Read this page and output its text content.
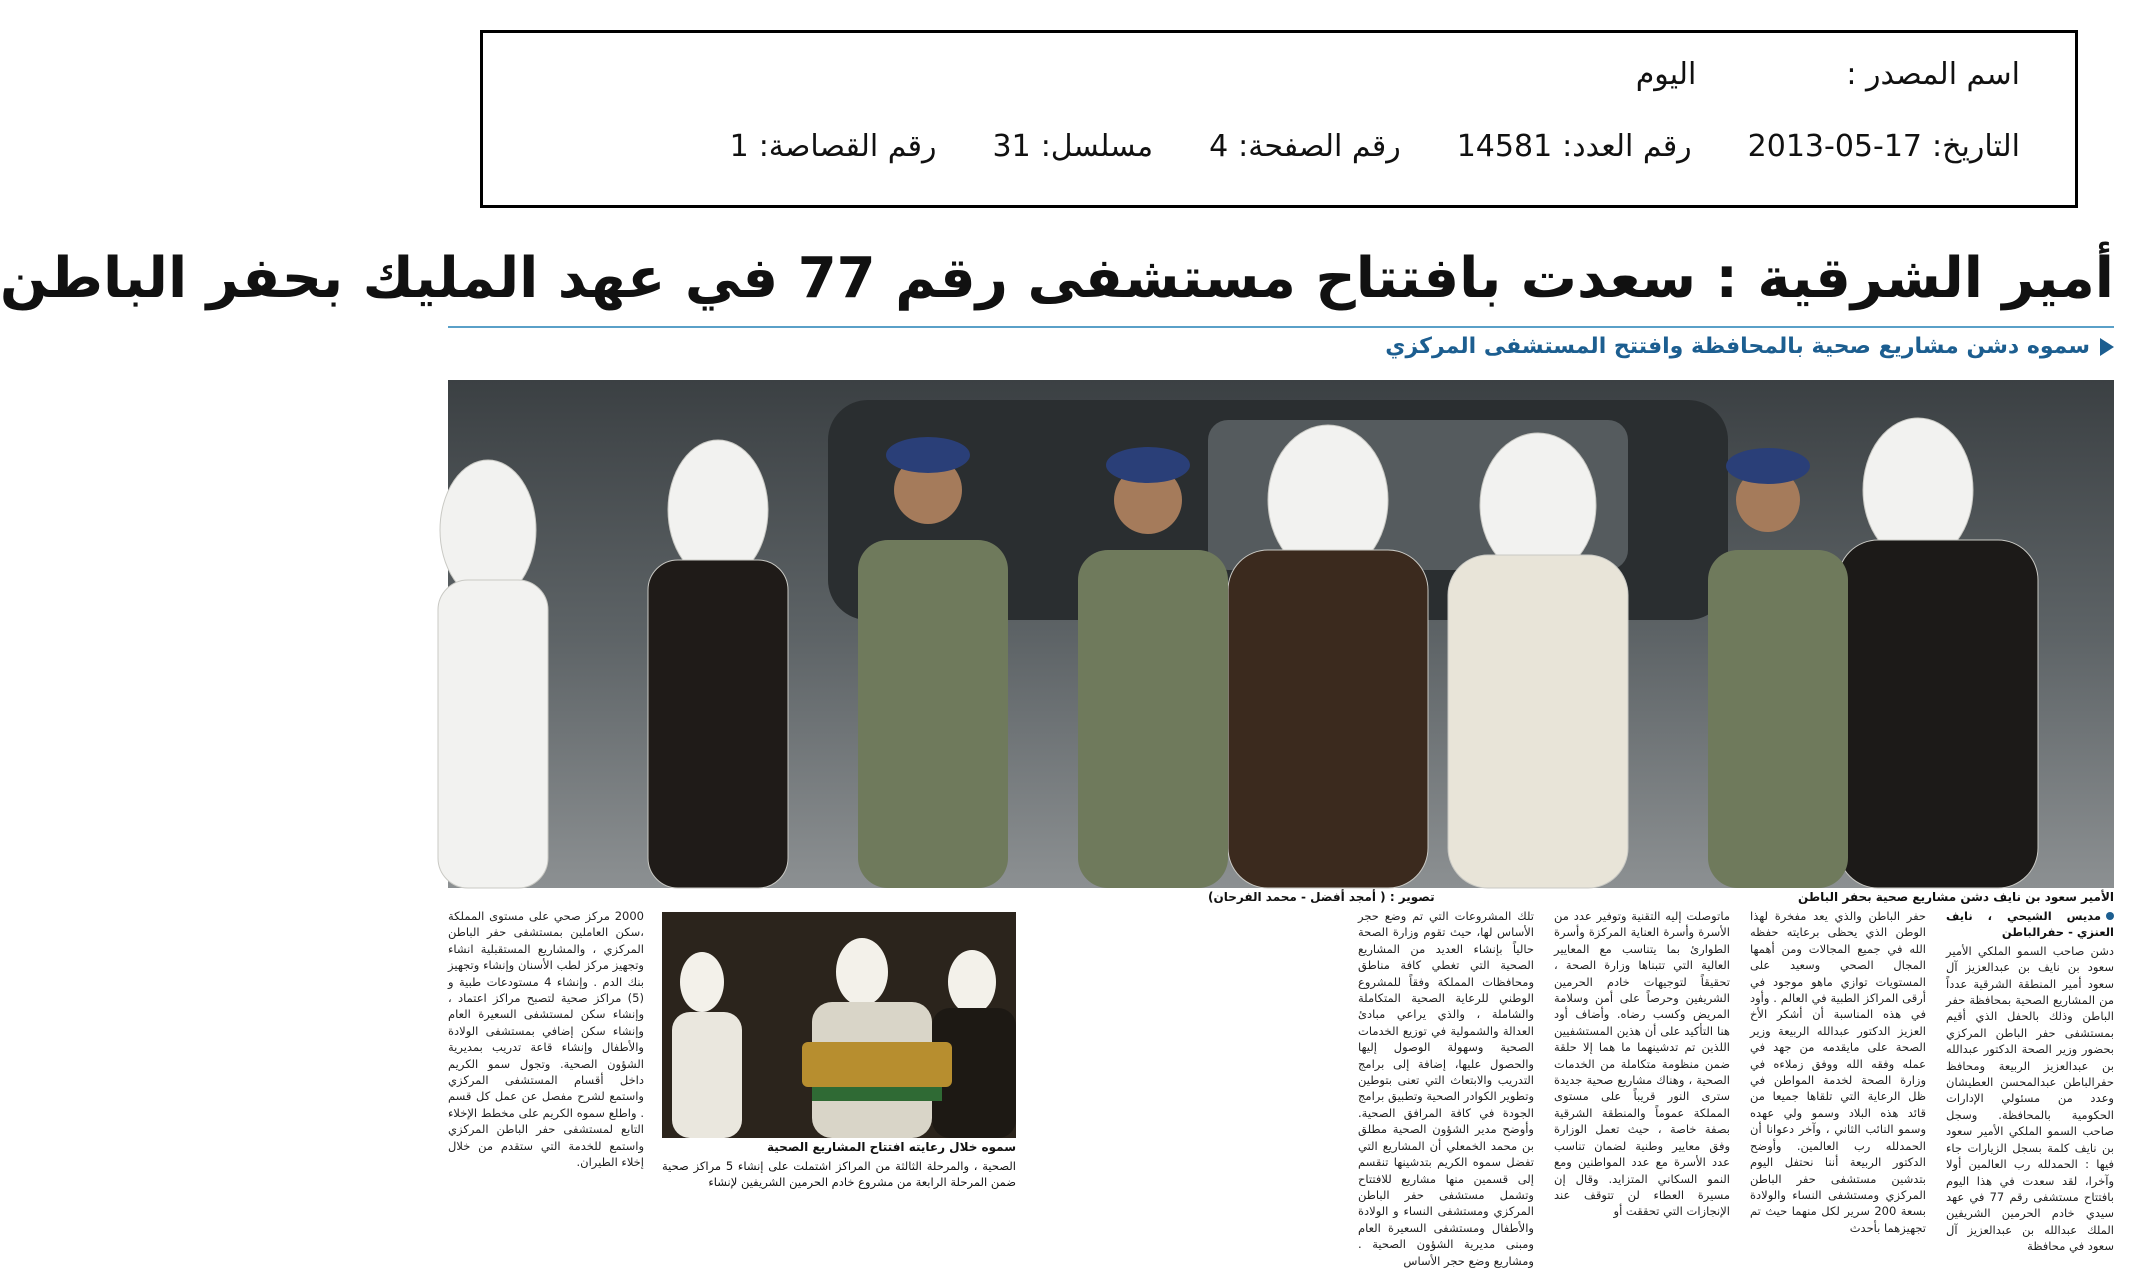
اسم المصدر :
اليوم
التاريخ:
2013-05-17
رقم العدد:
14581
رقم الصفحة:
4
مسلسل:
31
رقم القصاصة:
1
أمير الشرقية : سعدت بافتتاح مستشفى رقم 77 في عهد المليك بحفر الباطن
سموه دشن مشاريع صحية بالمحافظة وافتتح المستشفى المركزي
الأمير سعود بن نايف دشن مشاريع صحية بحفر الباطن
تصوير : ( أمجد أفضل - محمد الفرحان)

مديس الشيحي ، نايف العنزي - حفرالباطن

دشن صاحب السمو الملكي الأمير سعود بن نايف بن عبدالعزيز آل سعود أمير المنطقة الشرقية عدداً من المشاريع الصحية بمحافظة حفر الباطن وذلك بالحفل الذي أقيم بمستشفى حفر الباطن المركزي بحضور وزير الصحة الدكتور عبدالله بن عبدالعزيز الربيعة ومحافظ حفرالباطن عبدالمحسن العطيشان وعدد من مسئولي الإدارات الحكومية بالمحافظة. وسجل صاحب السمو الملكي الأمير سعود بن نايف كلمة بسجل الزيارات جاء فيها : الحمدلله رب العالمين أولا وآخرا، لقد سعدت في هذا اليوم بافتتاح مستشفى رقم 77 في عهد سيدي خادم الحرمين الشريفين الملك عبدالله بن عبدالعزيز آل سعود في محافظة

حفر الباطن والذي يعد مفخرة لهذا الوطن الذي يحظى برعايته حفظه الله في جميع المجالات ومن أهمها المجال الصحي وسعيد على المستويات توازي ماهو موجود في أرقى المراكز الطبية في العالم . وأود في هذه المناسبة أن أشكر الأخ العزيز الدكتور عبدالله الربيعة وزير الصحة على مايقدمه من جهد في عمله وفقه الله ووفق زملاءه في وزارة الصحة لخدمة المواطن في ظل الرعاية التي تلقاها جميعا من قائد هذه البلاد وسمو ولي عهده وسمو النائب الثاني ، وآخر دعوانا أن الحمدلله رب العالمين. وأوضح الدكتور الربيعة أننا نحتفل اليوم بتدشين مستشفى حفر الباطن المركزي ومستشفى النساء والولادة بسعة 200 سرير لكل منهما حيث تم تجهيزهما بأحدث

ماتوصلت إليه التقنية وتوفير عدد من الأسرة وأسرة العناية المركزة وأسرة الطوارئ بما يتناسب مع المعايير العالية التي تتبناها وزارة الصحة ، تحقيقاً لتوجيهات خادم الحرمين الشريفين وحرصاً على أمن وسلامة المريض وكسب رضاه. وأضاف أود هنا التأكيد على أن هذين المستشفيين اللذين تم تدشينهما ما هما إلا حلقة ضمن منظومة متكاملة من الخدمات الصحية ، وهناك مشاريع صحية جديدة سترى النور قريباً على مستوى المملكة عموماً والمنطقة الشرقية بصفة خاصة ، حيث تعمل الوزارة وفق معايير وطنية لضمان تناسب عدد الأسرة مع عدد المواطنين ومع النمو السكاني المتزايد. وقال إن مسيرة العطاء لن تتوقف عند الإنجازات التي تحققت أو

تلك المشروعات التي تم وضع حجر الأساس لها، حيث تقوم وزارة الصحة حالياً بإنشاء العديد من المشاريع الصحية التي تغطي كافة مناطق ومحافظات المملكة وفقاً للمشروع الوطني للرعاية الصحية المتكاملة والشاملة ، والذي يراعي مبادئ العدالة والشمولية في توزيع الخدمات الصحية وسهولة الوصول إليها والحصول عليها، إضافة إلى برامج التدريب والابتعاث التي تعنى بتوطين وتطوير الكوادر الصحية وتطبيق برامج الجودة في كافة المرافق الصحية. وأوضح مدير الشؤون الصحية مطلق بن محمد الخمعلي أن المشاريع التي تفضل سموه الكريم بتدشينها تنقسم إلى قسمين منها مشاريع للافتتاح وتشمل مستشفى حفر الباطن المركزي ومستشفى النساء و الولادة والأطفال ومستشفى السعيرة العام ومبنى مديرية الشؤون الصحية . ومشاريع وضع حجر الأساس

2000 مركز صحي على مستوى المملكة ،سكن العاملين بمستشفى حفر الباطن المركزي ، والمشاريع المستقبلية انشاء وتجهيز مركز لطب الأسنان وإنشاء وتجهيز بنك الدم . وإنشاء 4 مستودعات طبية و (5) مراكز صحية لتصبح مراكز اعتماد ، وإنشاء سكن لمستشفى السعيرة العام وإنشاء سكن إضافي بمستشفى الولادة والأطفال وإنشاء قاعة تدريب بمديرية الشؤون الصحية. وتجول سمو الكريم داخل أقسام المستشفى المركزي واستمع لشرح مفصل عن عمل كل قسم . واطلع سموه الكريم على مخطط الإخلاء التابع لمستشفى حفر الباطن المركزي واستمع للخدمة التي ستقدم من خلال إخلاء الطيران.

سموه خلال رعايته افتتاح المشاريع الصحية
الصحية ، والمرحلة الثالثة من المراكز اشتملت على إنشاء 5 مراكز صحية ضمن المرحلة الرابعة من مشروع خادم الحرمين الشريفين لإنشاء
